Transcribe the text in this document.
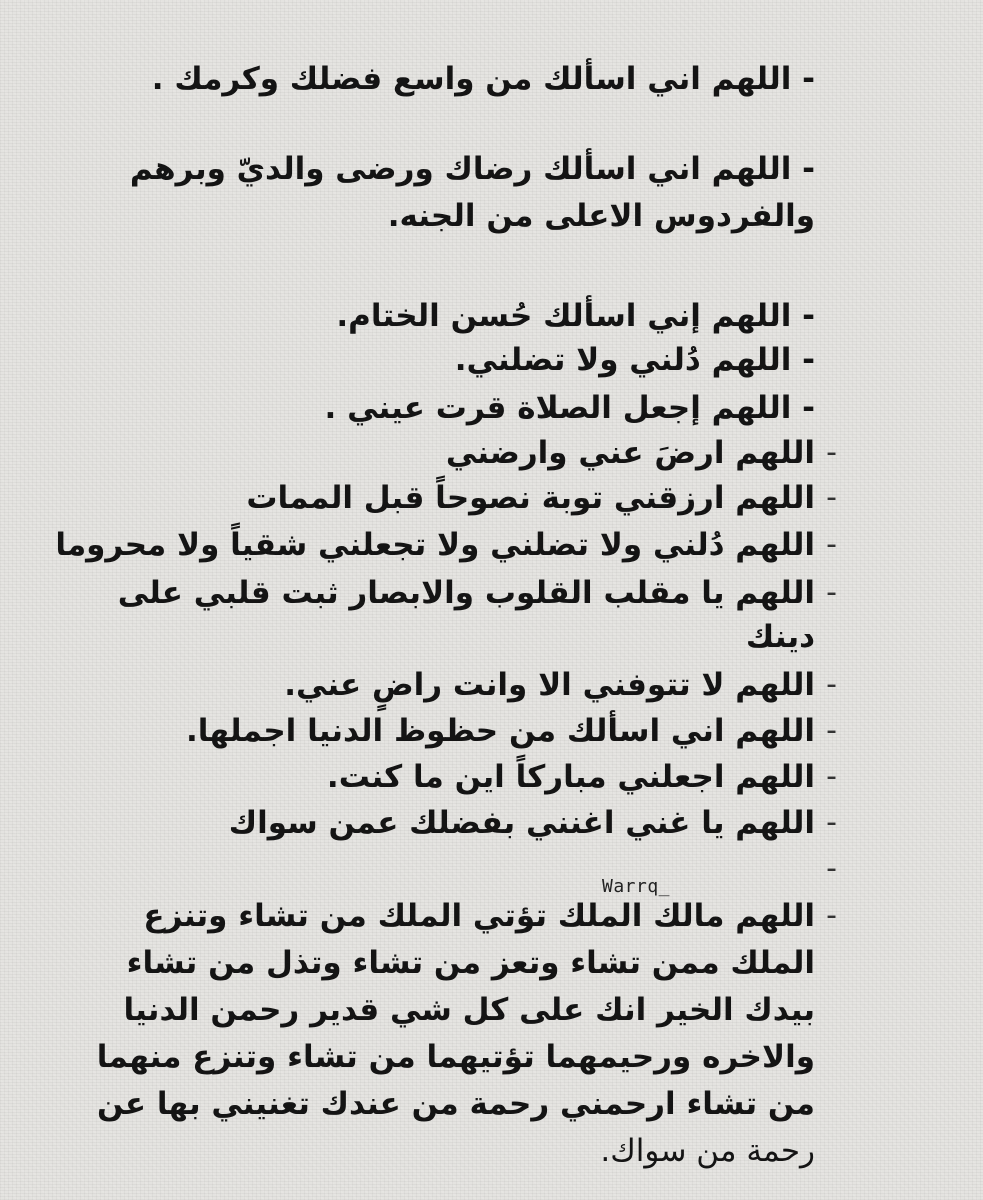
- اللهم اني اسألك من واسع فضلك وكرمك .
- اللهم اني اسألك رضاك ورضى والديّ وبرهم
والفردوس الاعلى من الجنه.
- اللهم إني اسألك حُسن الختام.
- اللهم دُلني ولا تضلني.
- اللهم إجعل الصلاة قرت عيني .
-
اللهم ارضَ عني وارضني
-
اللهم ارزقني توبة نصوحاً قبل الممات
-
اللهم دُلني ولا تضلني ولا تجعلني شقياً ولا محروما
-
اللهم يا مقلب القلوب والابصار ثبت قلبي على
دينك
-
اللهم لا تتوفني الا وانت راضٍ عني.
-
اللهم اني اسألك من حظوظ الدنيا اجملها.
-
اللهم اجعلني مباركاً اين ما كنت.
-
اللهم يا غني اغنني بفضلك عمن سواك
-
-
اللهم مالك الملك تؤتي الملك من تشاء وتنزع
الملك ممن تشاء وتعز من تشاء وتذل من تشاء
بيدك الخير انك على كل شي قدير رحمن الدنيا
والاخره ورحيمهما تؤتيهما من تشاء وتنزع منهما
من تشاء ارحمني رحمة من عندك تغنيني بها عن
رحمة من سواك.
Warrq_
